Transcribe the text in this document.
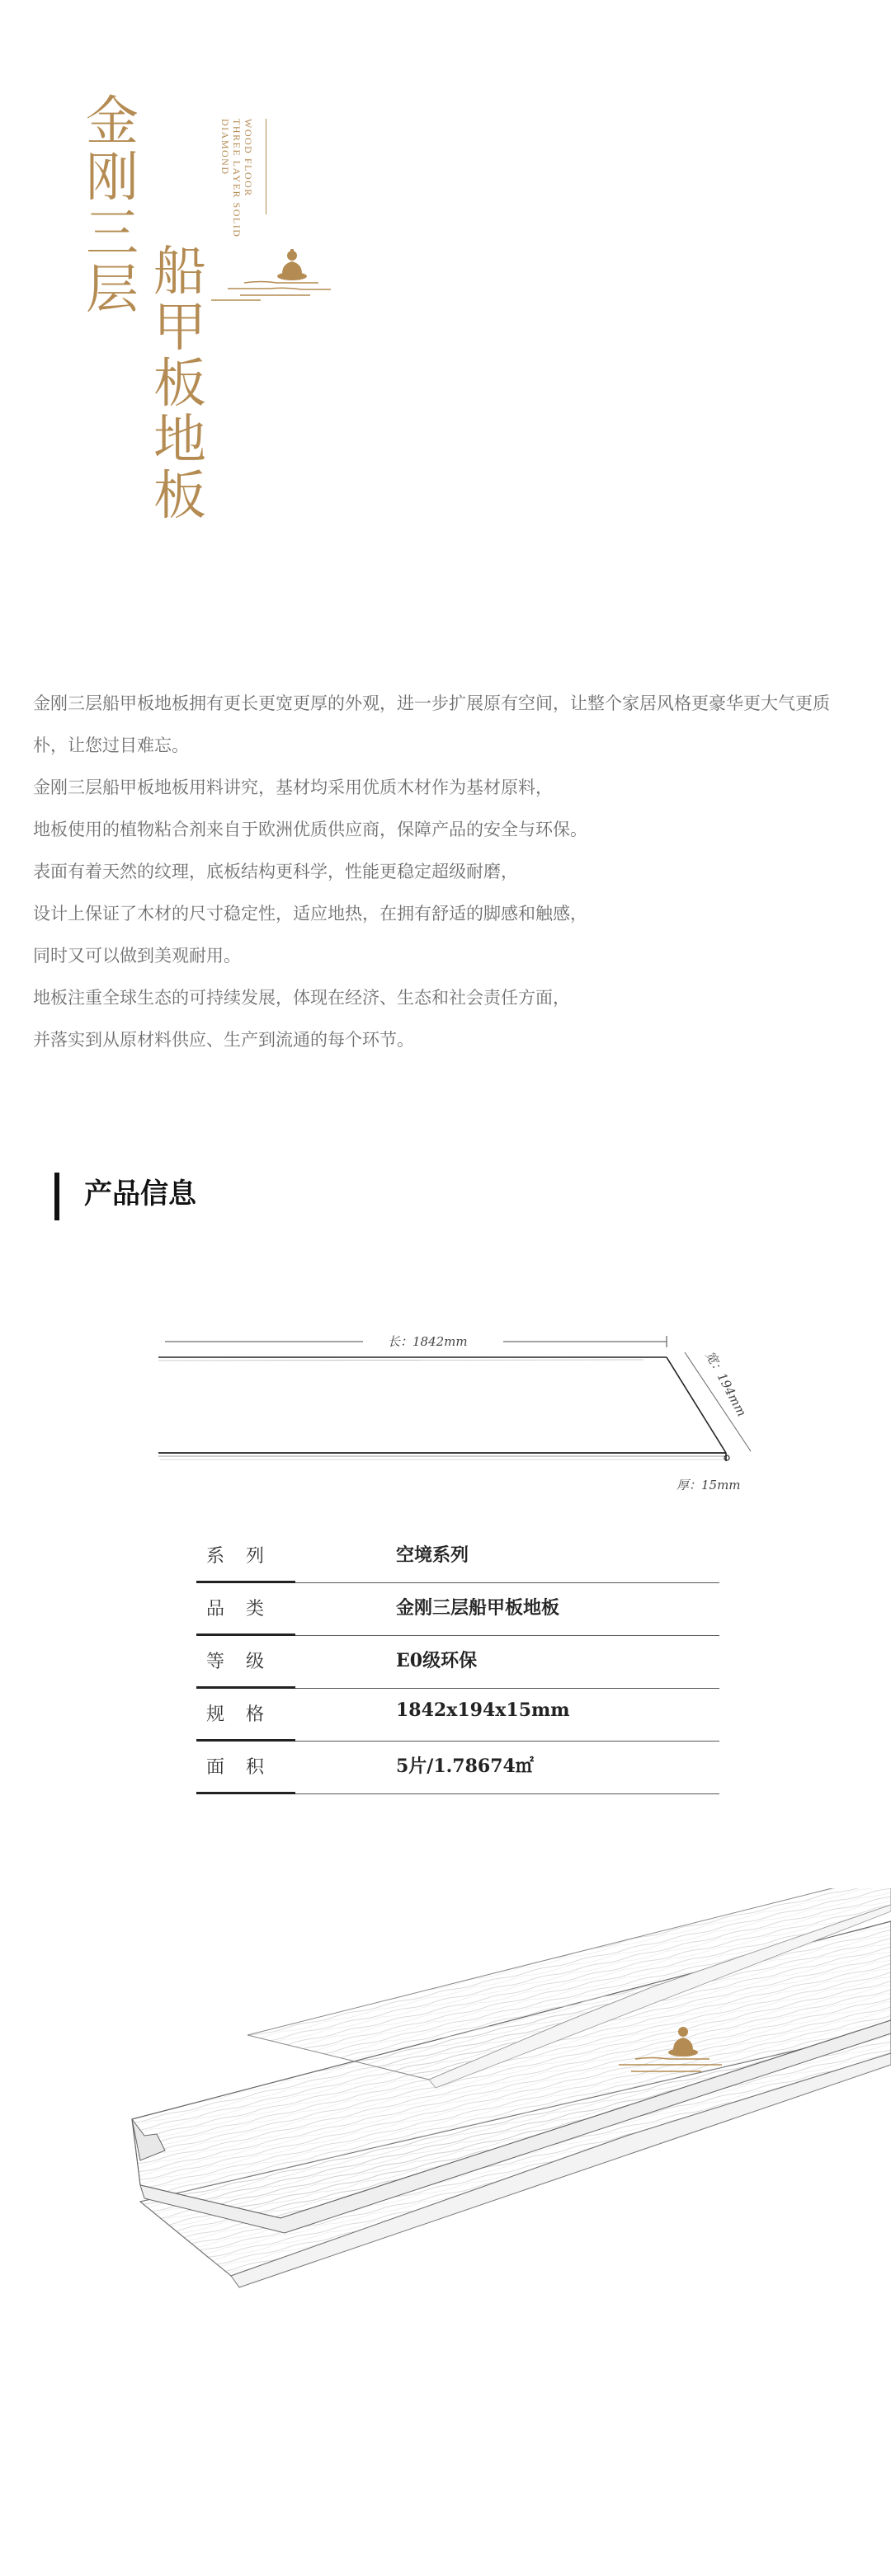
金
刚
三
层 船
甲
板
地
板
DIAMOND THREE LAYER SOLID WOOD FLOOR

金刚三层船甲板地板拥有更长更宽更厚的外观，进一步扩展原有空间，让整个家居风格更豪华更大气更质朴，让您过目难忘。

金刚三层船甲板地板用料讲究，基材均采用优质木材作为基材原料，

地板使用的植物粘合剂来自于欧洲优质供应商，保障产品的安全与环保。

表面有着天然的纹理，底板结构更科学，性能更稳定超级耐磨，

设计上保证了木材的尺寸稳定性，适应地热，在拥有舒适的脚感和触感，

同时又可以做到美观耐用。

地板注重全球生态的可持续发展，体现在经济、生态和社会责任方面，

并落实到从原材料供应、生产到流通的每个环节。

产品信息
长：1842mm
宽：194mm
厚：15mm
系列	空境系列
品类	金刚三层船甲板地板
等级	E0级环保
规格	1842x194x15mm
面积	5片/1.78674㎡
